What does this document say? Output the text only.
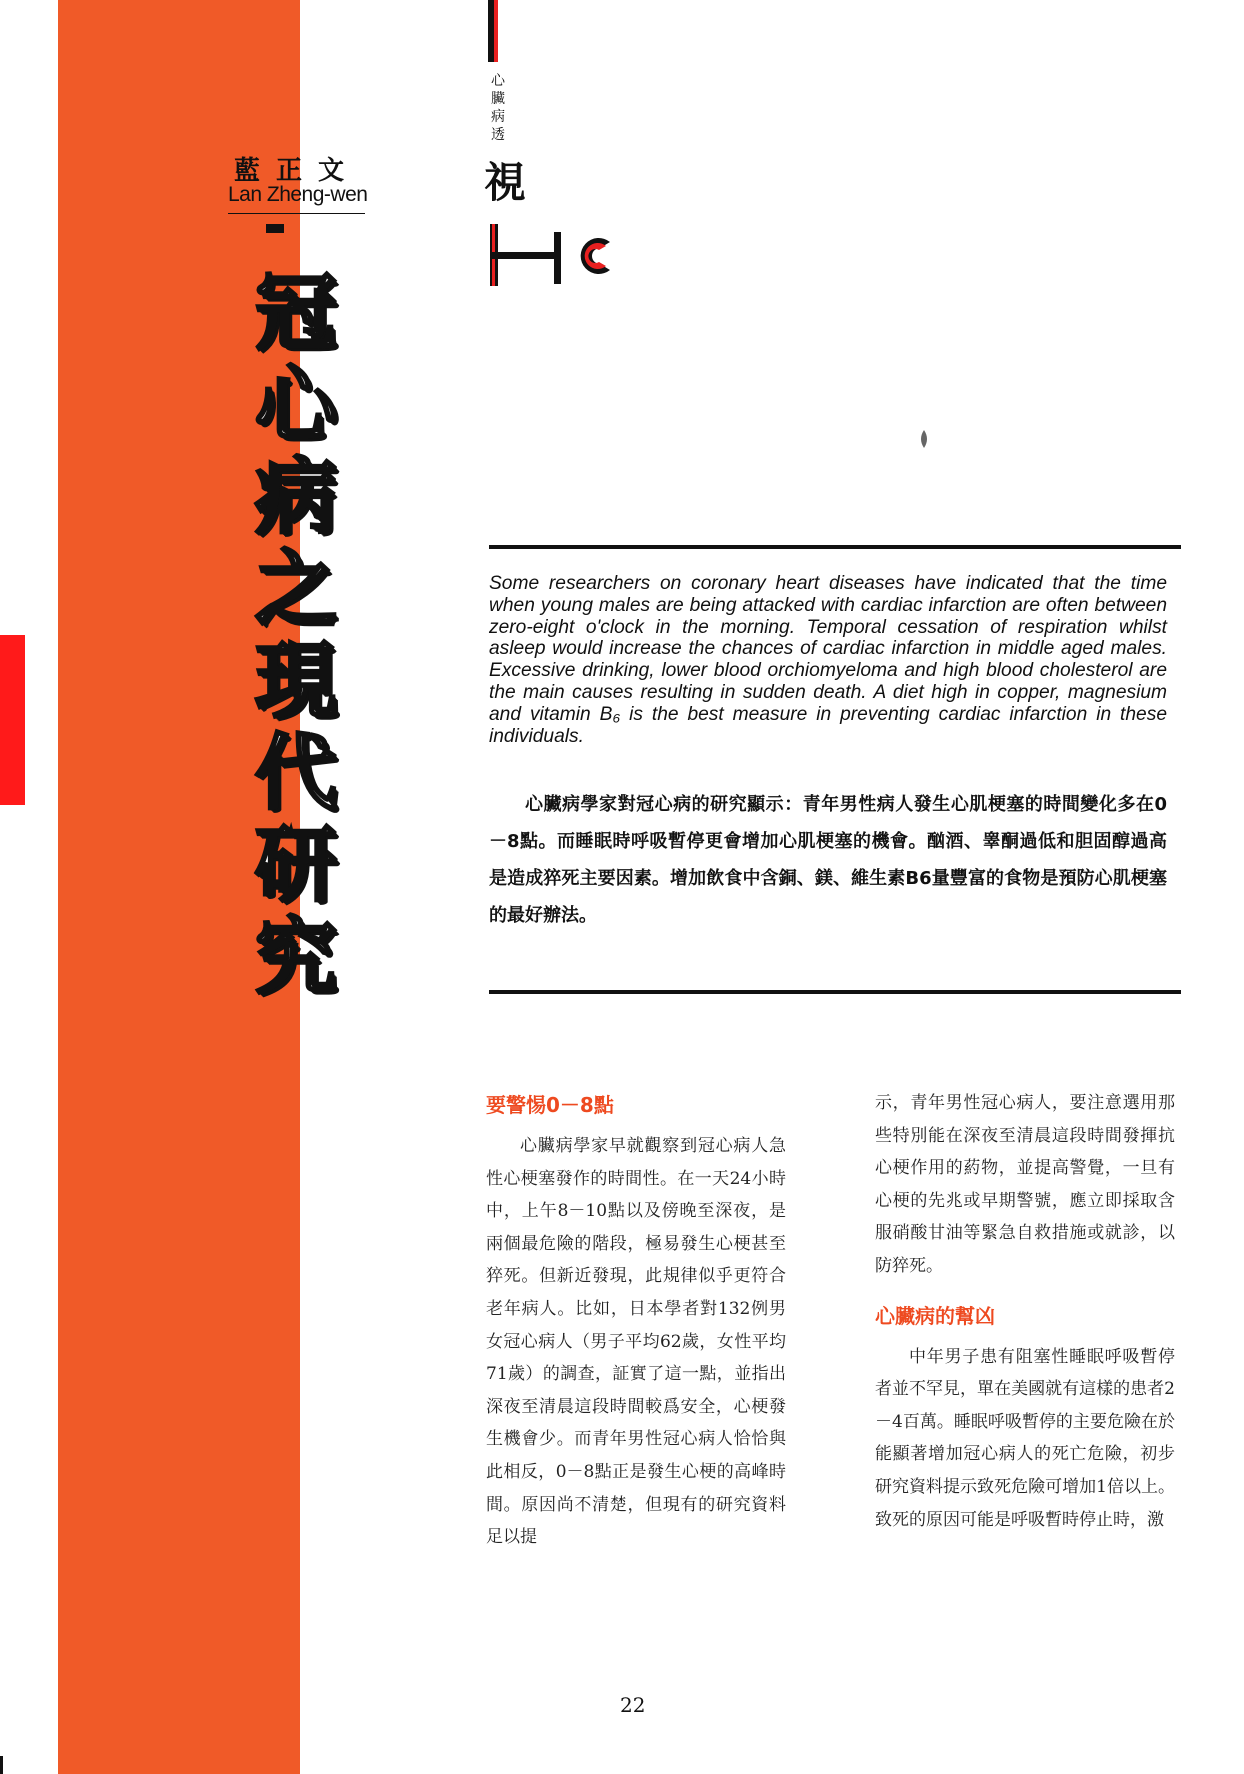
藍正文
Lan Zheng-wen
冠
心
病
之
現
代
研
究
心
臟
病
透
視
Some researchers on coronary heart diseases have indicated that the time when young males are being attacked with cardiac infarction are often between zero-eight o'clock in the morning. Temporal cessation of respiration whilst asleep would increase the chances of cardiac infarction in middle aged males. Excessive drinking, lower blood orchiomyeloma and high blood cholesterol are the main causes resulting in sudden death. A diet high in copper, magnesium and vitamin B₆ is the best measure in preventing cardiac infarction in these individuals.
心臟病學家對冠心病的研究顯示：青年男性病人發生心肌梗塞的時間變化多在0－8點。而睡眠時呼吸暫停更會增加心肌梗塞的機會。酗酒、睾酮過低和胆固醇過高是造成猝死主要因素。增加飲食中含銅、鎂、維生素B6量豐富的食物是預防心肌梗塞的最好辦法。
要警惕0－8點

心臟病學家早就觀察到冠心病人急性心梗塞發作的時間性。在一天24小時中，上午8－10點以及傍晚至深夜，是兩個最危險的階段，極易發生心梗甚至猝死。但新近發現，此規律似乎更符合老年病人。比如，日本學者對132例男女冠心病人（男子平均62歲，女性平均71歲）的調查，証實了這一點，並指出深夜至清晨這段時間較爲安全，心梗發生機會少。而青年男性冠心病人恰恰與此相反，0－8點正是發生心梗的高峰時間。原因尚不清楚，但現有的研究資料足以提

示，青年男性冠心病人，要注意選用那些特別能在深夜至清晨這段時間發揮抗心梗作用的葯物，並提高警覺，一旦有心梗的先兆或早期警號，應立即採取含服硝酸甘油等緊急自救措施或就診，以防猝死。

心臟病的幫凶

中年男子患有阻塞性睡眠呼吸暫停者並不罕見，單在美國就有這樣的患者2－4百萬。睡眠呼吸暫停的主要危險在於能顯著增加冠心病人的死亡危險，初步研究資料提示致死危險可增加1倍以上。致死的原因可能是呼吸暫時停止時，激

22
